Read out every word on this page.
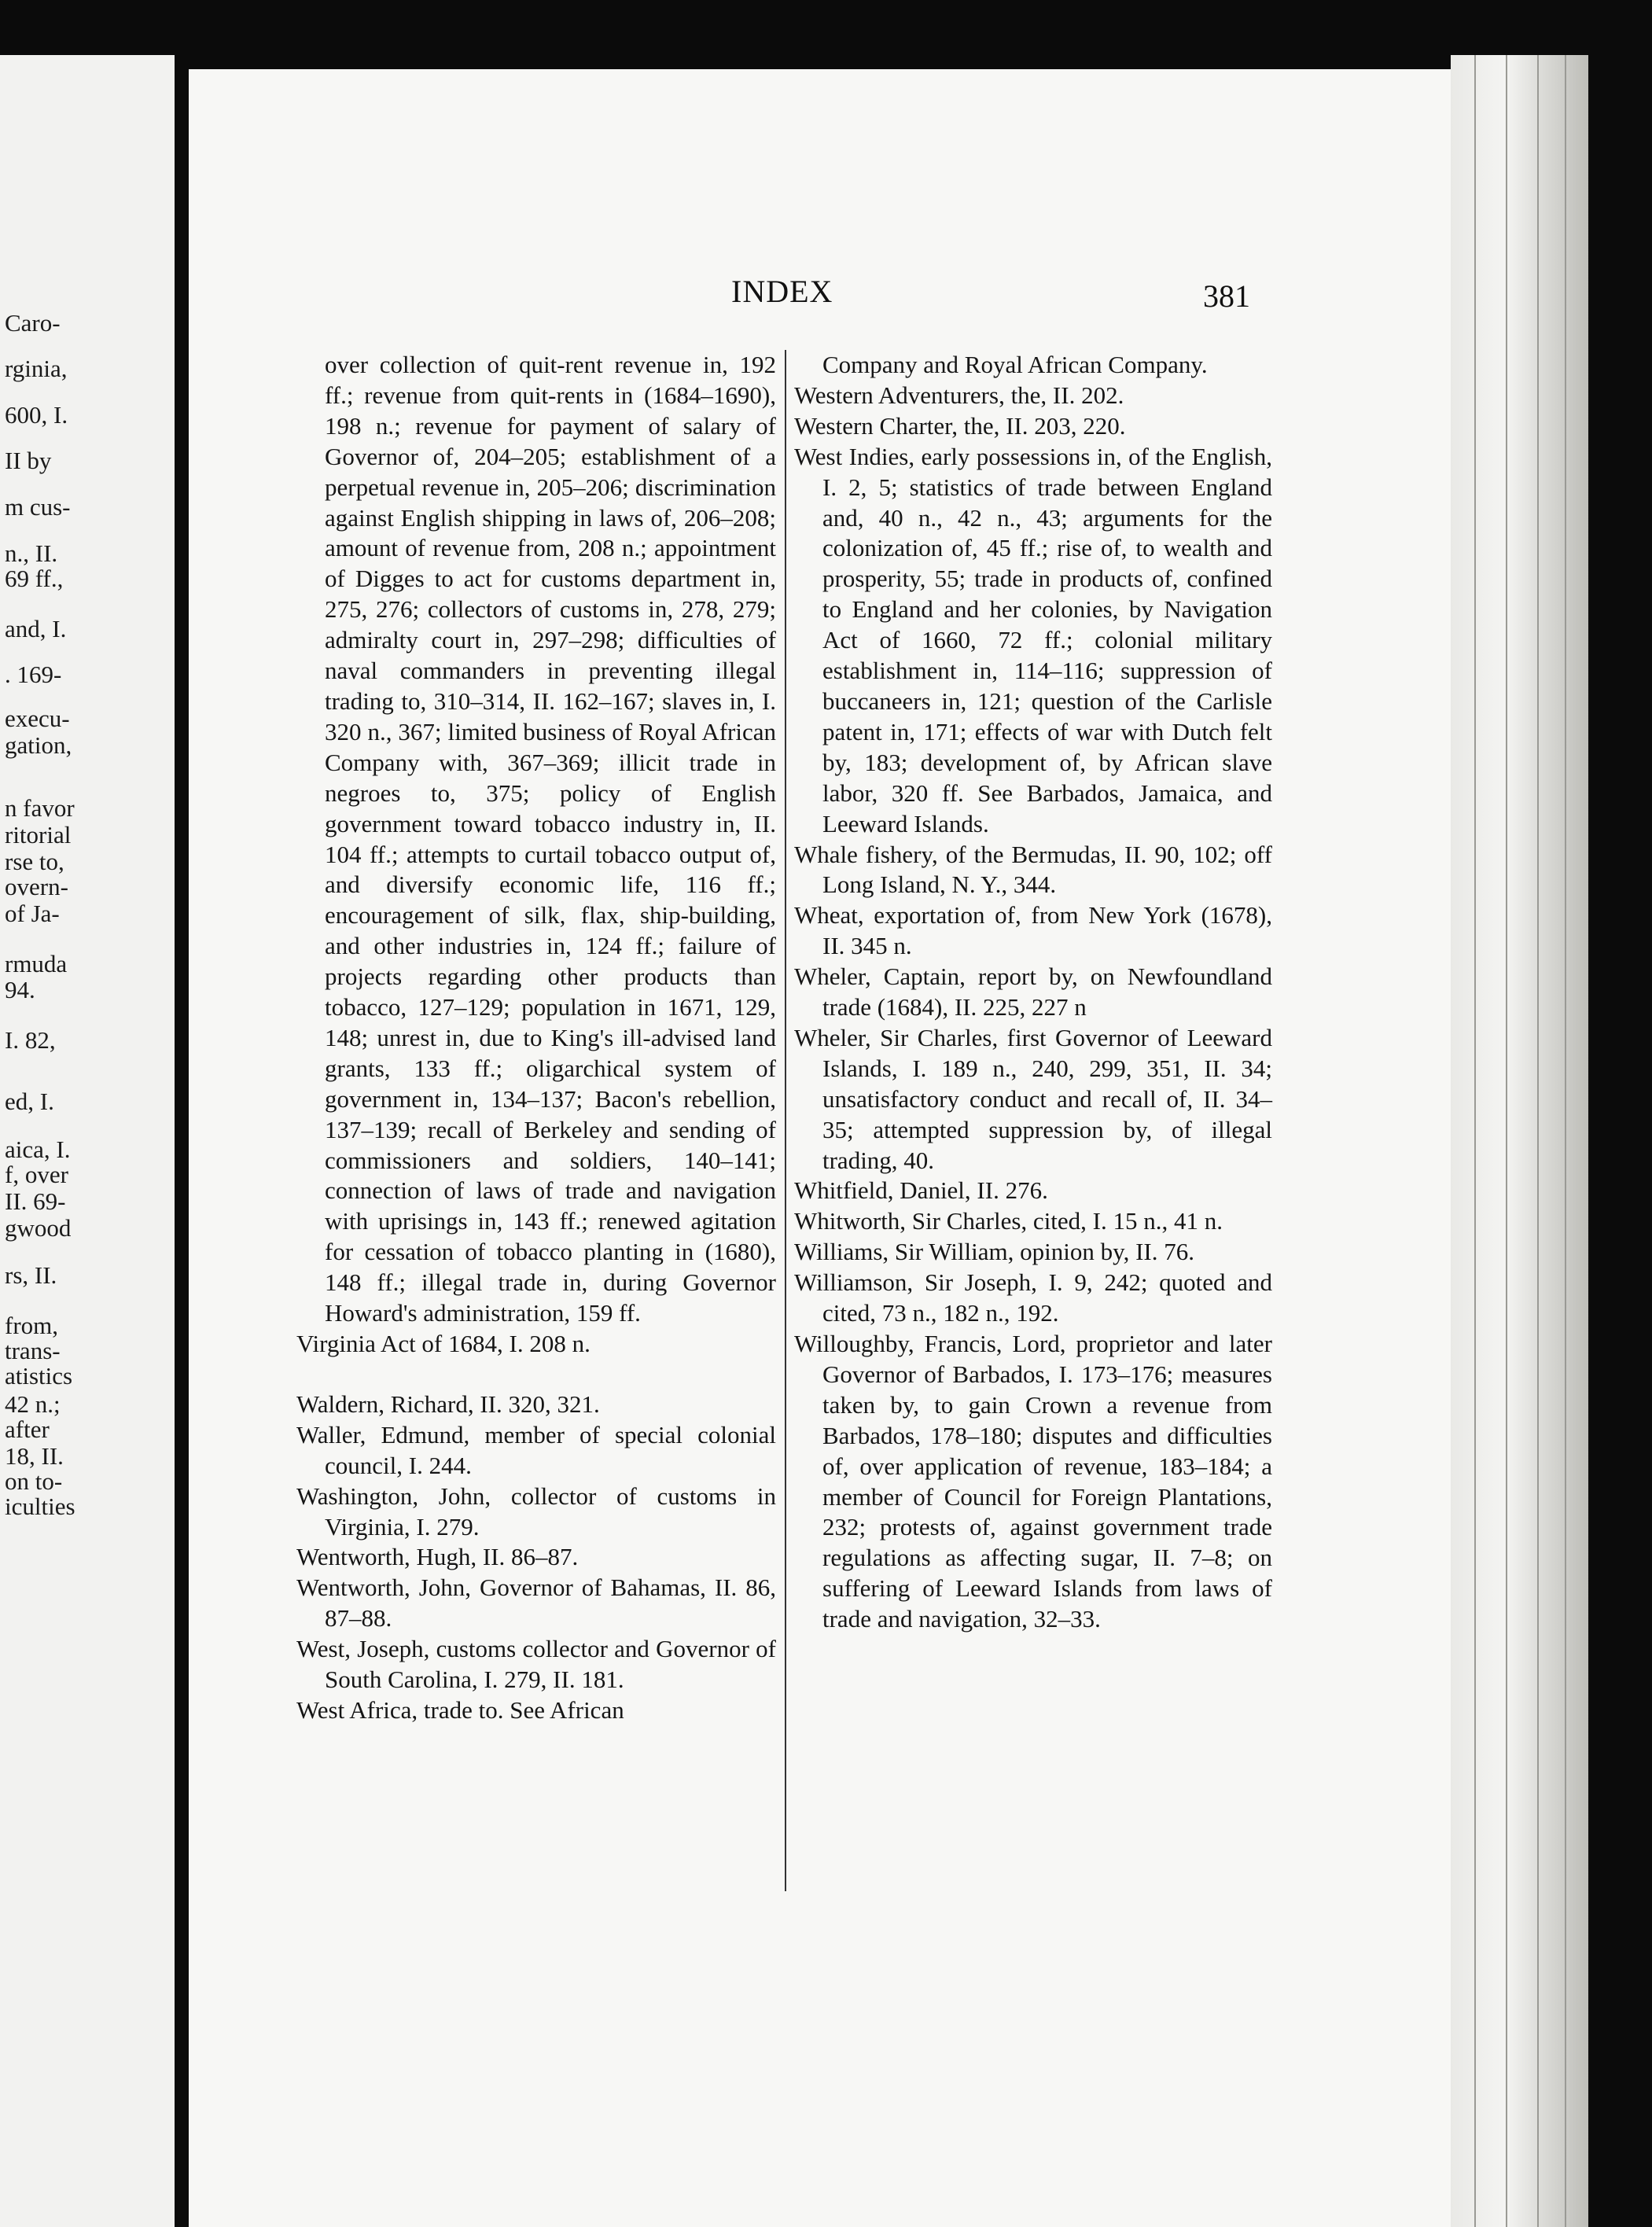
Caro-
rginia,
600, I.
II by
m cus-
n., II.
69 ff.,
and, I.
. 169-
execu-
gation,
n favor
ritorial
rse to,
overn-
of Ja-
rmuda
94.
I. 82,
ed, I.
aica, I.
f, over
II. 69-
gwood
rs, II.
from,
trans-
atistics
42 n.;
after
18, II.
on to-
iculties
INDEX	381
over collection of quit-rent revenue in, 192 ff.; revenue from quit-rents in (1684–1690), 198 n.; revenue for payment of salary of Governor of, 204–205; establishment of a perpetual revenue in, 205–206; discrimination against English shipping in laws of, 206–208; amount of revenue from, 208 n.; appointment of Digges to act for customs department in, 275, 276; collectors of customs in, 278, 279; admiralty court in, 297–298; difficulties of naval commanders in preventing illegal trading to, 310–314, II. 162–167; slaves in, I. 320 n., 367; limited business of Royal African Company with, 367–369; illicit trade in negroes to, 375; policy of English government toward tobacco industry in, II. 104 ff.; attempts to curtail tobacco output of, and diversify economic life, 116 ff.; encouragement of silk, flax, ship-building, and other industries in, 124 ff.; failure of projects regarding other products than tobacco, 127–129; population in 1671, 129, 148; unrest in, due to King's ill-advised land grants, 133 ff.; oligarchical system of government in, 134–137; Bacon's rebellion, 137–139; recall of Berkeley and sending of commissioners and soldiers, 140–141; connection of laws of trade and navigation with uprisings in, 143 ff.; renewed agitation for cessation of tobacco planting in (1680), 148 ff.; illegal trade in, during Governor Howard's administration, 159 ff.
Virginia Act of 1684, I. 208 n.
Waldern, Richard, II. 320, 321.
Waller, Edmund, member of special colonial council, I. 244.
Washington, John, collector of customs in Virginia, I. 279.
Wentworth, Hugh, II. 86–87.
Wentworth, John, Governor of Bahamas, II. 86, 87–88.
West, Joseph, customs collector and Governor of South Carolina, I. 279, II. 181.
West Africa, trade to. See African
Company and Royal African Company.
Western Adventurers, the, II. 202.
Western Charter, the, II. 203, 220.
West Indies, early possessions in, of the English, I. 2, 5; statistics of trade between England and, 40 n., 42 n., 43; arguments for the colonization of, 45 ff.; rise of, to wealth and prosperity, 55; trade in products of, confined to England and her colonies, by Navigation Act of 1660, 72 ff.; colonial military establishment in, 114–116; suppression of buccaneers in, 121; question of the Carlisle patent in, 171; effects of war with Dutch felt by, 183; development of, by African slave labor, 320 ff. See Barbados, Jamaica, and Leeward Islands.
Whale fishery, of the Bermudas, II. 90, 102; off Long Island, N. Y., 344.
Wheat, exportation of, from New York (1678), II. 345 n.
Wheler, Captain, report by, on Newfoundland trade (1684), II. 225, 227 n
Wheler, Sir Charles, first Governor of Leeward Islands, I. 189 n., 240, 299, 351, II. 34; unsatisfactory conduct and recall of, II. 34–35; attempted suppression by, of illegal trading, 40.
Whitfield, Daniel, II. 276.
Whitworth, Sir Charles, cited, I. 15 n., 41 n.
Williams, Sir William, opinion by, II. 76.
Williamson, Sir Joseph, I. 9, 242; quoted and cited, 73 n., 182 n., 192.
Willoughby, Francis, Lord, proprietor and later Governor of Barbados, I. 173–176; measures taken by, to gain Crown a revenue from Barbados, 178–180; disputes and difficulties of, over application of revenue, 183–184; a member of Council for Foreign Plantations, 232; protests of, against government trade regulations as affecting sugar, II. 7–8; on suffering of Leeward Islands from laws of trade and navigation, 32–33.
